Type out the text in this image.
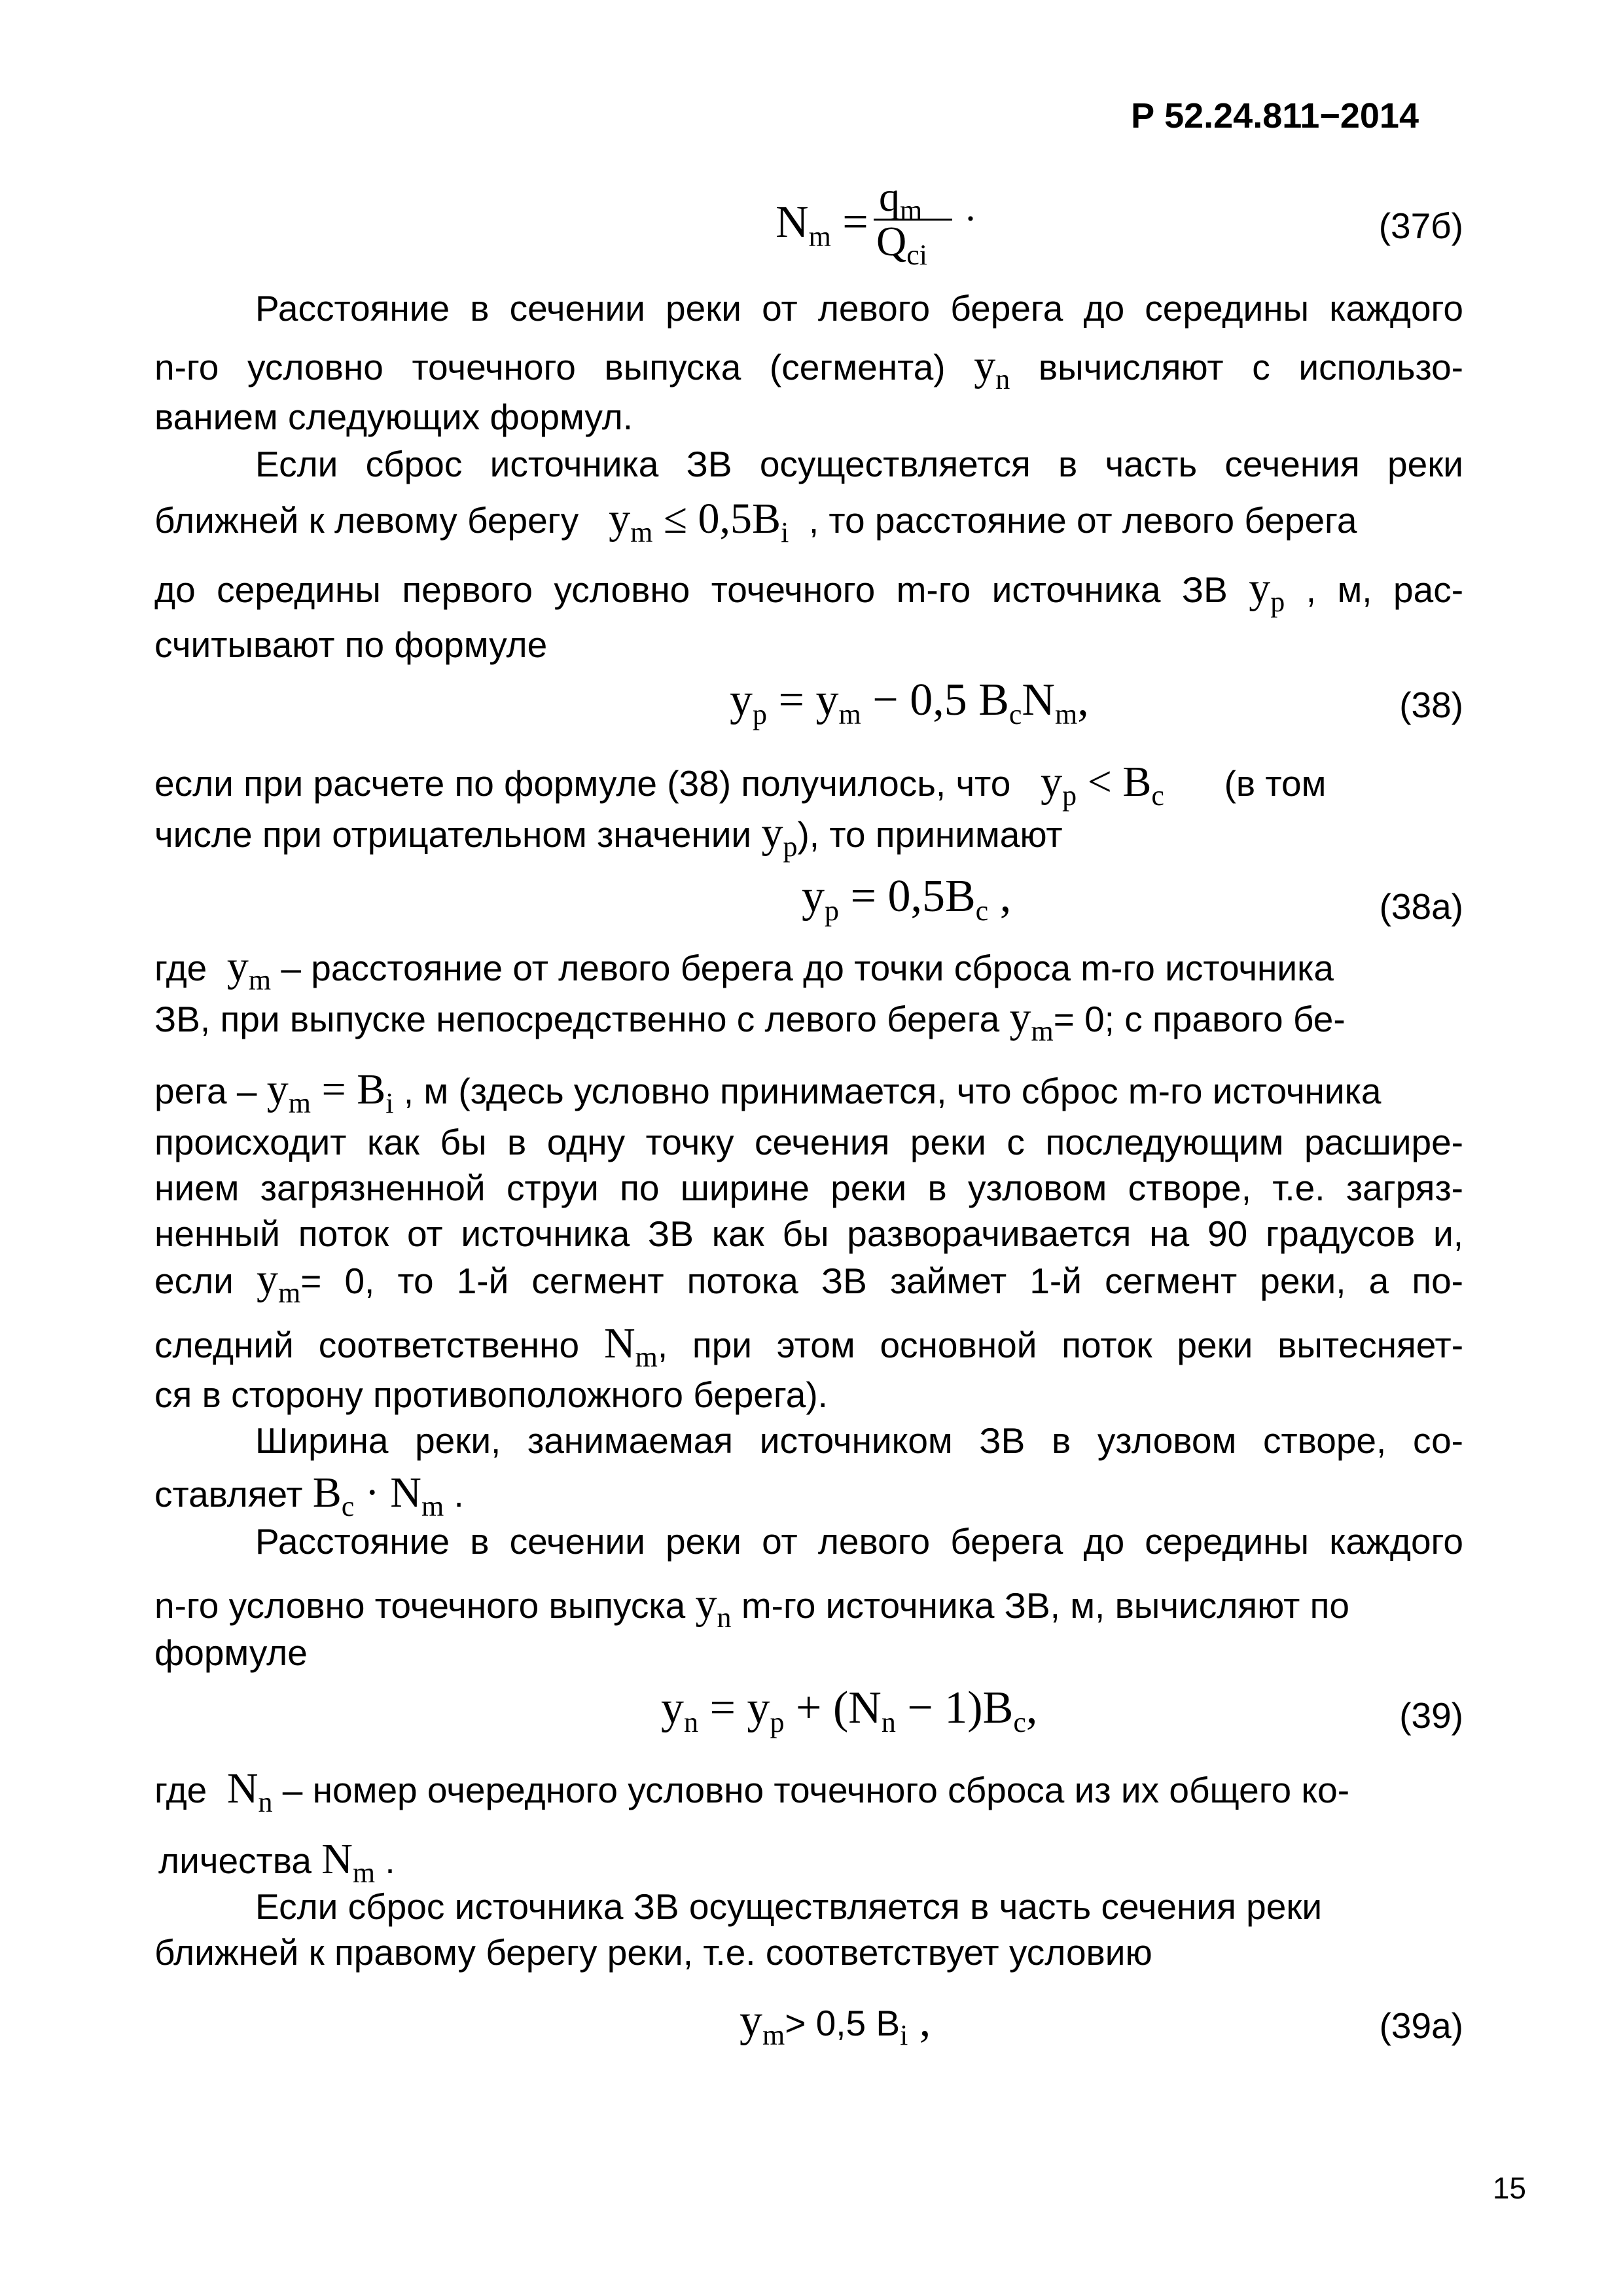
Р 52.24.811−2014
$N_m$ =
$q_m$
$Q_{ci}$
·	(37б)
Расстояние в сечении реки от левого берега до середины каждого
n-го условно точечного выпуска (сегмента) $y_n$ вычисляют с использо-
ванием следующих формул.
Если сброс источника ЗВ осуществляется в часть сечения реки
ближней к левому берегу $y_m \le 0,5B_i$ , то расстояние от левого берега
до середины первого условно точечного m-го источника ЗВ $y_p$ , м, рас-
считывают по формуле
$y_p = y_m - 0,5$ $B_cN_m$,	(38)
если при расчете по формуле (38) получилось, что $y_p < B_c$ (в том
числе при отрицательном значении $y_p$), то принимают
$y_p = 0,5B_c$ ,	(38а)
где $y_m$ – расстояние от левого берега до точки сброса m-го источника
ЗВ, при выпуске непосредственно с левого берега $y_m= 0$; с правого бе-
рега – $y_m = B_i$ , м (здесь условно принимается, что сброс m-го источника
происходит как бы в одну точку сечения реки с последующим расшире-
нием загрязненной струи по ширине реки в узловом створе, т.е. загряз-
ненный поток от источника ЗВ как бы разворачивается на 90 градусов и,
если $y_m= 0$, то 1-й сегмент потока ЗВ займет 1-й сегмент реки, а по-
следний соответственно $N_m$, при этом основной поток реки вытесняет-
ся в сторону противоположного берега).
Ширина реки, занимаемая источником ЗВ в узловом створе, со-
ставляет $B_c \cdot N_m$ .
Расстояние в сечении реки от левого берега до середины каждого
n-го условно точечного выпуска $y_n$ m-го источника ЗВ, м, вычисляют по
формуле
$y_n = y_p + (N_n - 1)B_c$,	(39)
где $N_n$ – номер очередного условно точечного сброса из их общего ко-
личества $N_m$ .
Если сброс источника ЗВ осуществляется в часть сечения реки
ближней к правому берегу реки, т.е. соответствует условию
$y_m> 0,5$ $B_i$ ,	(39а)
15
